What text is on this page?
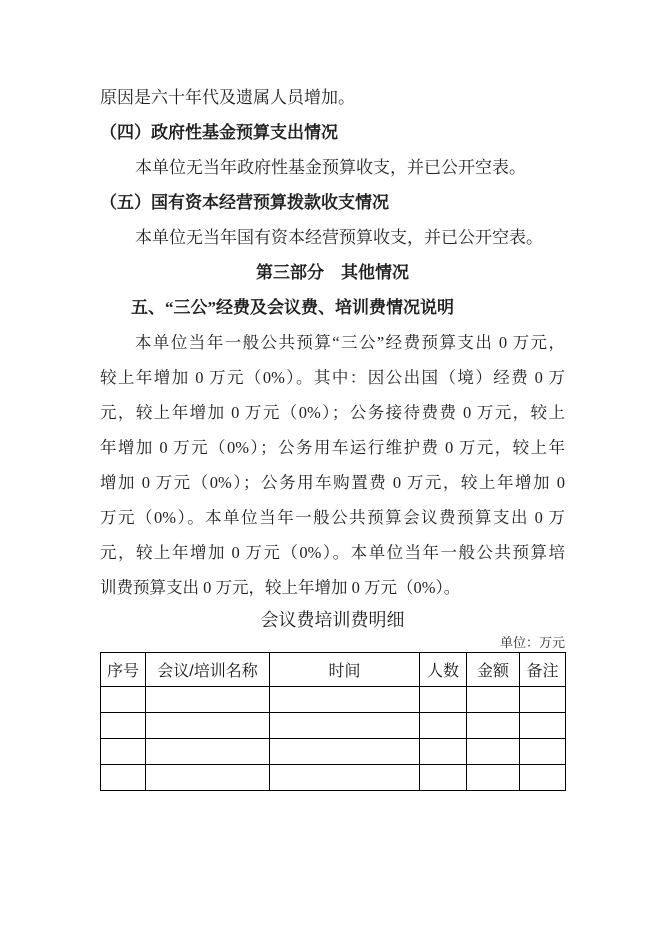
原因是六十年代及遗属人员增加。

（四）政府性基金预算支出情况

本单位无当年政府性基金预算收支，并已公开空表。

（五）国有资本经营预算拨款收支情况

本单位无当年国有资本经营预算收支，并已公开空表。

第三部分　其他情况

五、“三公”经费及会议费、培训费情况说明

本单位当年一般公共预算“三公”经费预算支出 0 万元，

较上年增加 0 万元（0%）。其中：因公出国（境）经费 0 万

元，较上年增加 0 万元（0%）；公务接待费费 0 万元，较上

年增加 0 万元（0%）；公务用车运行维护费 0 万元，较上年

增加 0 万元（0%）；公务用车购置费 0 万元，较上年增加 0

万元（0%）。本单位当年一般公共预算会议费预算支出 0 万

元，较上年增加 0 万元（0%）。本单位当年一般公共预算培

训费预算支出 0 万元，较上年增加 0 万元（0%）。

会议费培训费明细

单位：万元

序号	会议/培训名称	时间	人数	金额	备注
